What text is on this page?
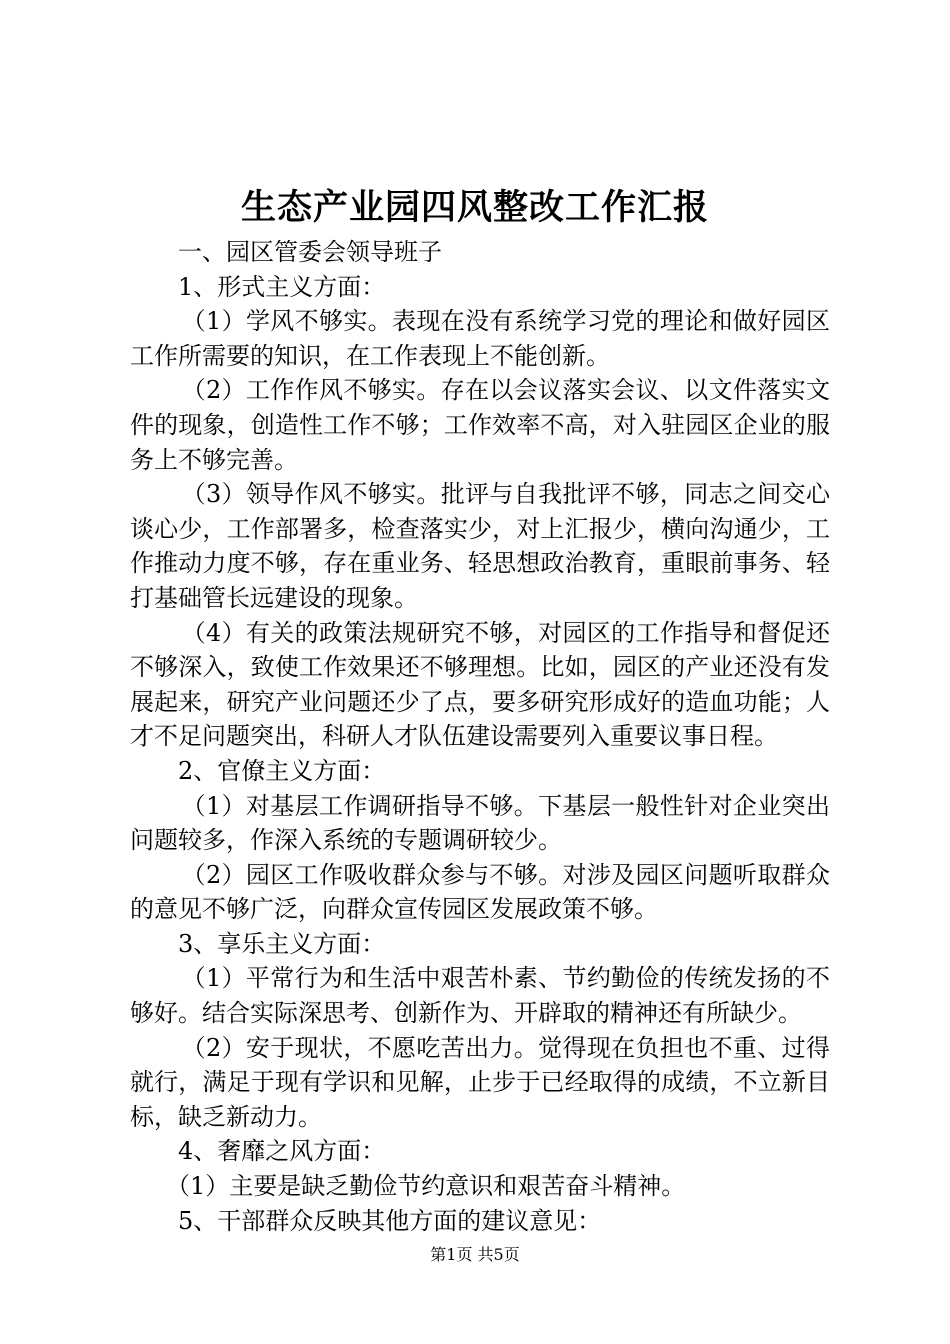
生态产业园四风整改工作汇报

一、园区管委会领导班子

1、形式主义方面：

（1）学风不够实。表现在没有系统学习党的理论和做好园区工作所需要的知识，在工作表现上不能创新。

（2）工作作风不够实。存在以会议落实会议、以文件落实文件的现象，创造性工作不够；工作效率不高，对入驻园区企业的服务上不够完善。

（3）领导作风不够实。批评与自我批评不够，同志之间交心谈心少，工作部署多，检查落实少，对上汇报少，横向沟通少，工作推动力度不够，存在重业务、轻思想政治教育，重眼前事务、轻打基础管长远建设的现象。

（4）有关的政策法规研究不够，对园区的工作指导和督促还不够深入，致使工作效果还不够理想。比如，园区的产业还没有发展起来，研究产业问题还少了点，要多研究形成好的造血功能；人才不足问题突出，科研人才队伍建设需要列入重要议事日程。

2、官僚主义方面：

（1）对基层工作调研指导不够。下基层一般性针对企业突出问题较多，作深入系统的专题调研较少。

（2）园区工作吸收群众参与不够。对涉及园区问题听取群众的意见不够广泛，向群众宣传园区发展政策不够。

3、享乐主义方面：

（1）平常行为和生活中艰苦朴素、节约勤俭的传统发扬的不够好。结合实际深思考、创新作为、开辟取的精神还有所缺少。

（2）安于现状，不愿吃苦出力。觉得现在负担也不重、过得就行，满足于现有学识和见解，止步于已经取得的成绩，不立新目标，缺乏新动力。

4、奢靡之风方面：

（1）主要是缺乏勤俭节约意识和艰苦奋斗精神。

5、干部群众反映其他方面的建议意见：

第1页 共5页
